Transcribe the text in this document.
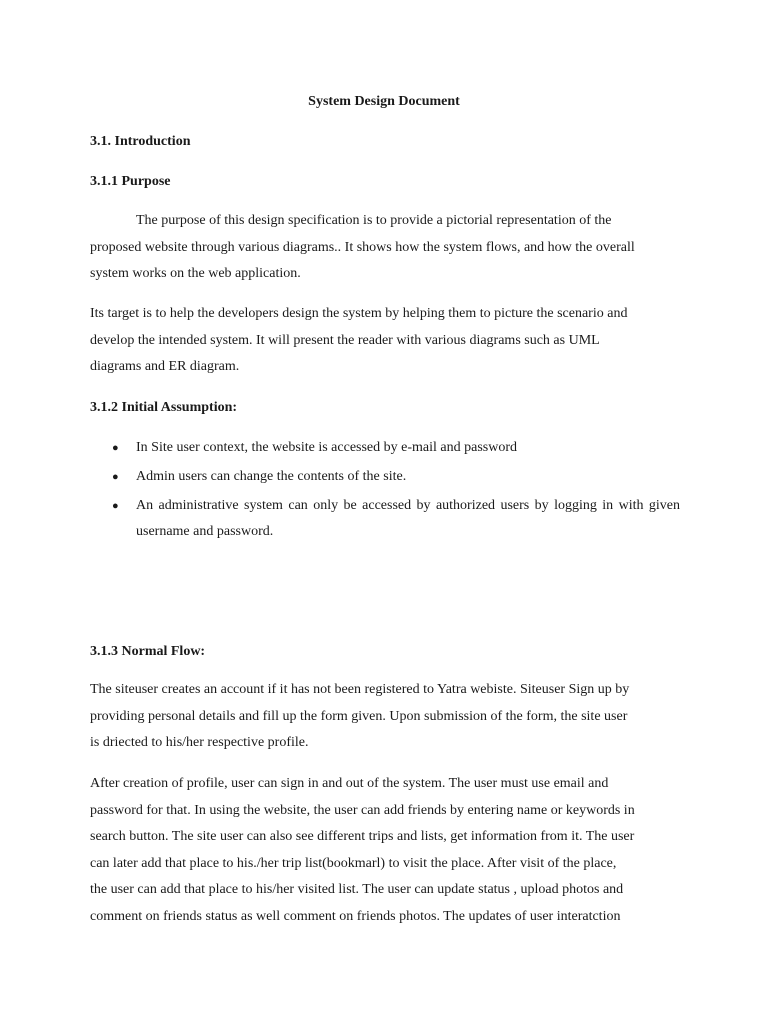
System Design Document
3.1. Introduction
3.1.1 Purpose

The purpose of this design specification is to provide a pictorial representation of the
proposed website through various diagrams.. It shows how the system flows, and how the overall
system works on the web application.

Its target is to help the developers design the system by helping them to picture the scenario and
develop the intended system. It will present the reader with various diagrams such as UML
diagrams and ER diagram.

3.1.2 Initial Assumption:
● In Site user context, the website is accessed by e-mail and password
● Admin users can change the contents of the site.
● An administrative system can only be accessed by authorized users by logging in with given username and password.
3.1.3 Normal Flow:

The siteuser creates an account if it has not been registered to Yatra webiste. Siteuser Sign up by
providing personal details and fill up the form given. Upon submission of the form, the site user
is driected to his/her respective profile.

After creation of profile, user can sign in and out of the system. The user must use email and
password for that. In using the website, the user can add friends by entering name or keywords in
search button. The site user can also see different trips and lists, get information from it. The user
can later add that place to his./her trip list(bookmarl) to visit the place. After visit of the place,
the user can add that place to his/her visited list. The user can update status , upload photos and
comment on friends status as well comment on friends photos. The updates of user interatction
